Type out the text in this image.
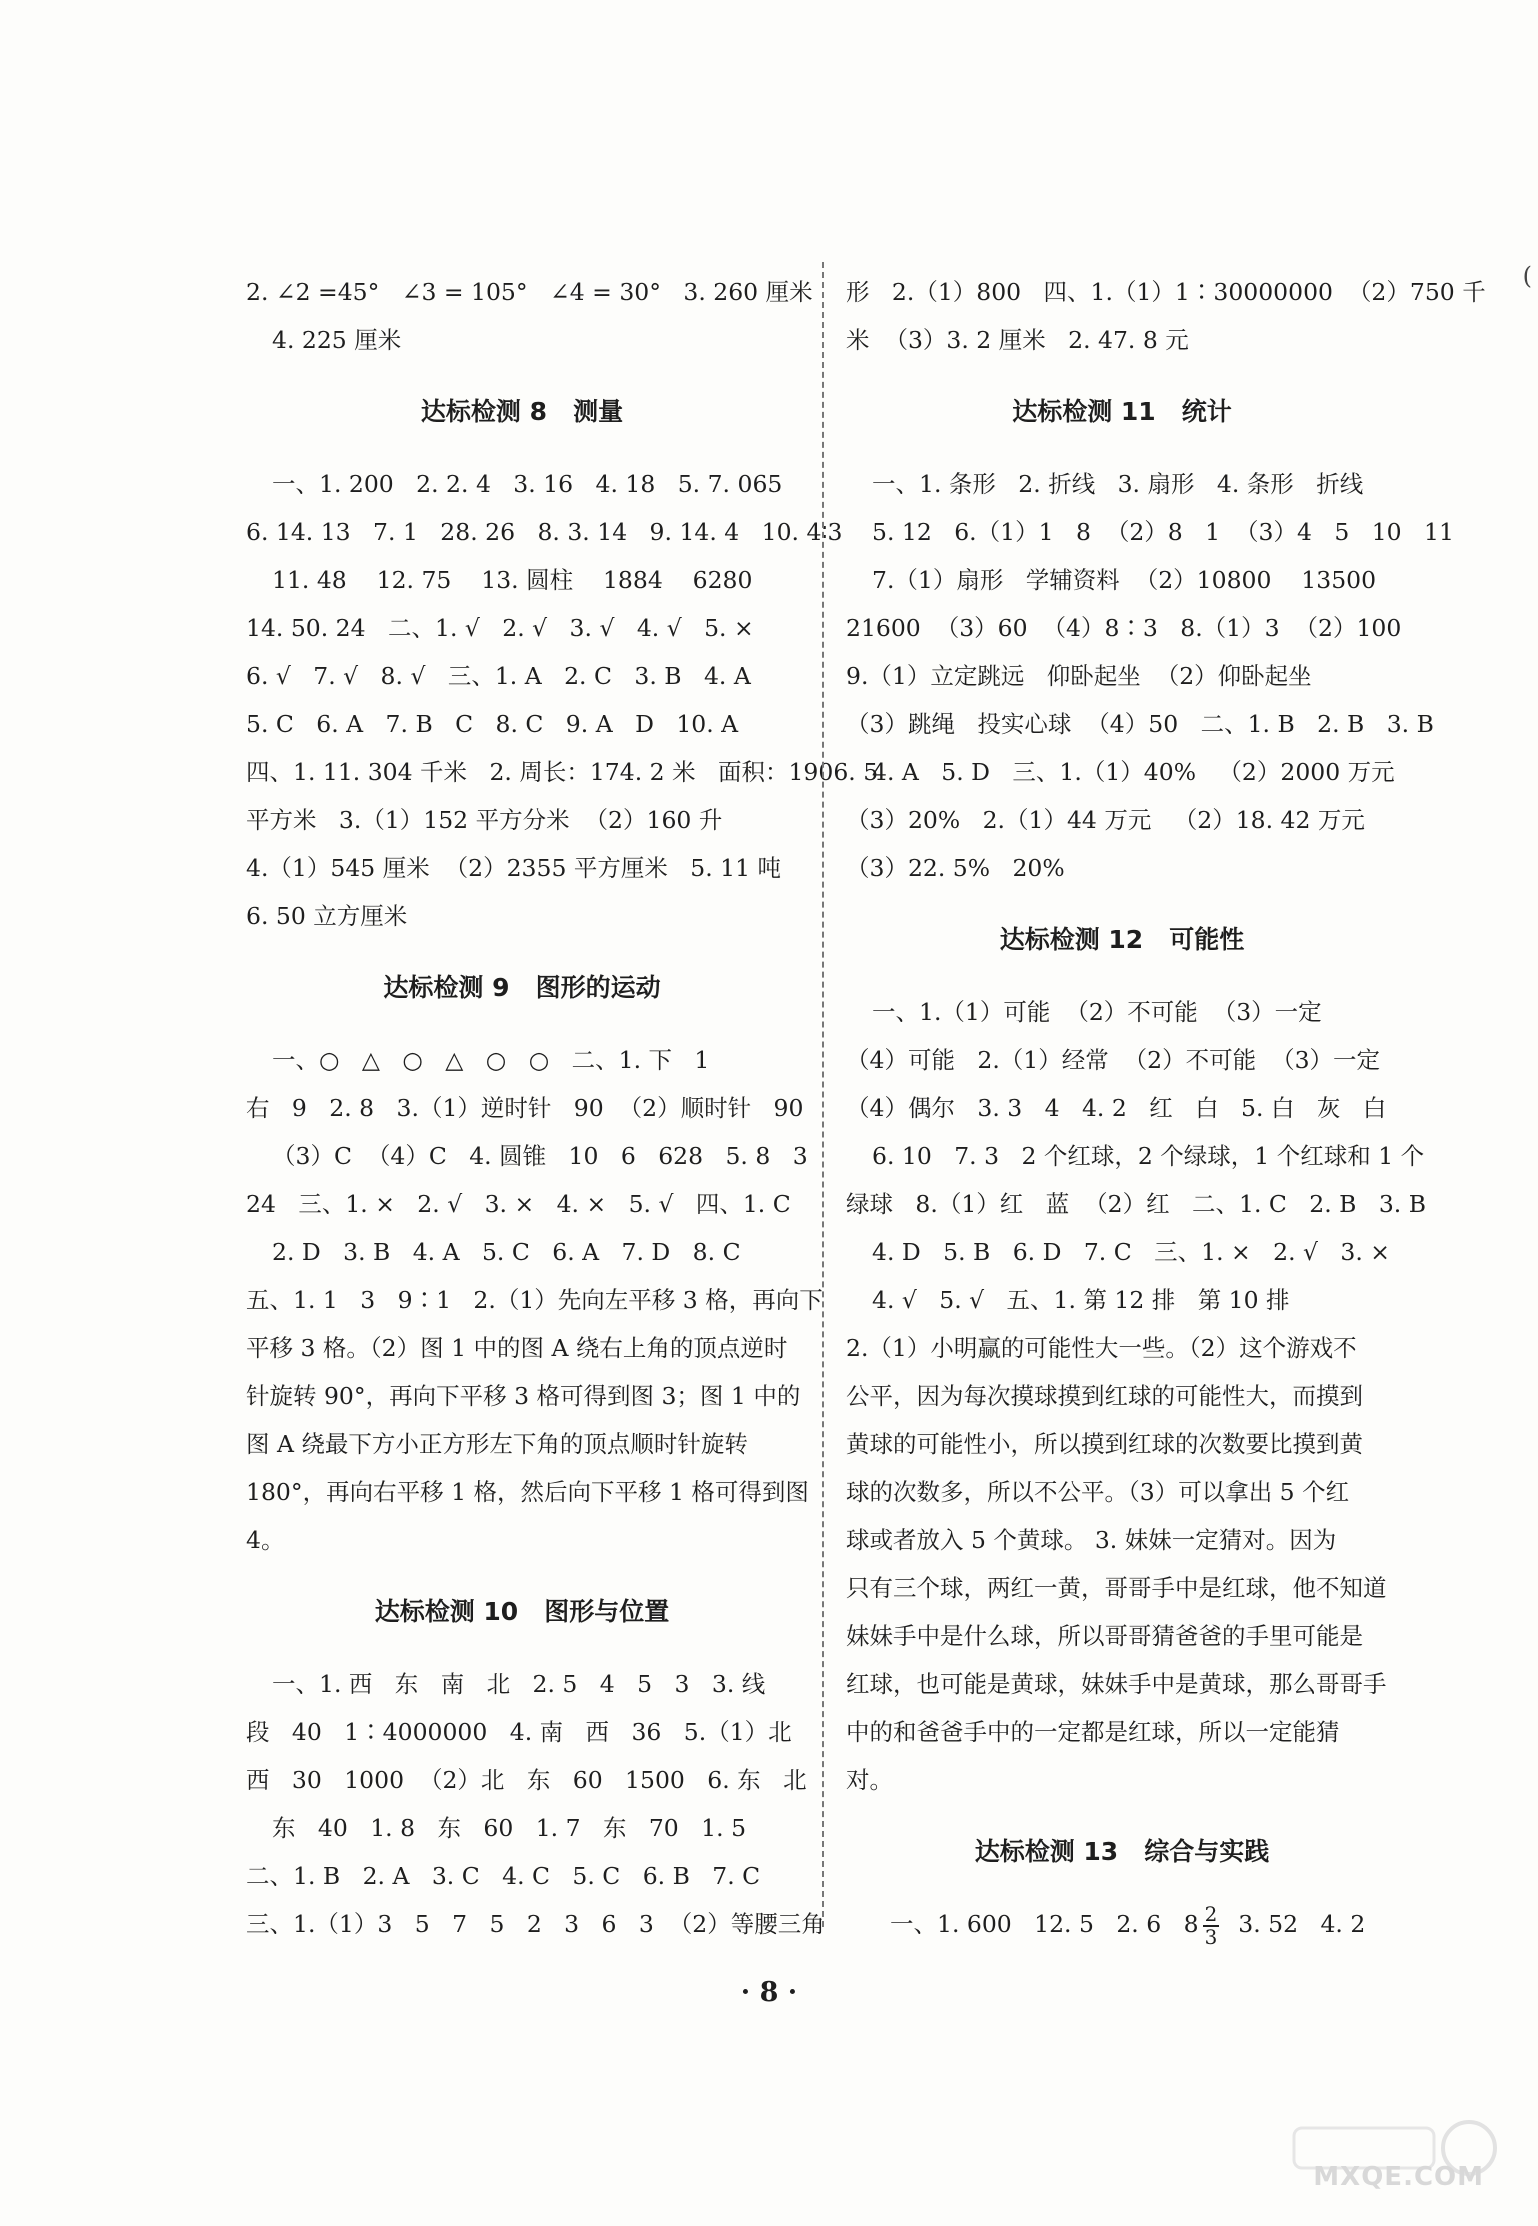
(
2. ∠2 =45°   ∠3 = 105°   ∠4 = 30°   3. 260 厘米
4. 225 厘米
达标检测 8   测量
一、1. 200   2. 2. 4   3. 16   4. 18   5. 7. 065
6. 14. 13   7. 1   28. 26   8. 3. 14   9. 14. 4   10. 4∶3
11. 48    12. 75    13. 圆柱    1884    6280
14. 50. 24   二、1. √   2. √   3. √   4. √   5. ×
6. √   7. √   8. √   三、1. A   2. C   3. B   4. A
5. C   6. A   7. B   C   8. C   9. A   D   10. A
四、1. 11. 304 千米   2. 周长：174. 2 米   面积：1906. 5
平方米   3.（1）152 平方分米  （2）160 升
4.（1）545 厘米  （2）2355 平方厘米   5. 11 吨
6. 50 立方厘米
达标检测 9   图形的运动
一、○   △   ○   △   ○   ○   二、1. 下   1
右   9   2. 8   3.（1）逆时针   90  （2）顺时针   90
（3）C  （4）C   4. 圆锥   10   6   628   5. 8   3
24   三、1. ×   2. √   3. ×   4. ×   5. √   四、1. C
2. D   3. B   4. A   5. C   6. A   7. D   8. C
五、1. 1   3   9∶1   2.（1）先向左平移 3 格，再向下
平移 3 格。（2）图 1 中的图 A 绕右上角的顶点逆时
针旋转 90°，再向下平移 3 格可得到图 3；图 1 中的
图 A 绕最下方小正方形左下角的顶点顺时针旋转
180°，再向右平移 1 格，然后向下平移 1 格可得到图
4。
达标检测 10   图形与位置
一、1. 西   东   南   北   2. 5   4   5   3   3. 线
段   40   1∶4000000   4. 南   西   36   5.（1）北
西   30   1000  （2）北   东   60   1500   6. 东   北
东   40   1. 8   东   60   1. 7   东   70   1. 5
二、1. B   2. A   3. C   4. C   5. C   6. B   7. C
三、1.（1）3   5   7   5   2   3   6   3  （2）等腰三角
形   2.（1）800   四、1.（1）1∶30000000  （2）750 千
米  （3）3. 2 厘米   2. 47. 8 元
达标检测 11   统计
一、1. 条形   2. 折线   3. 扇形   4. 条形   折线
5. 12   6.（1）1   8  （2）8   1  （3）4   5   10   11
7.（1）扇形   学辅资料  （2）10800    13500
21600  （3）60  （4）8∶3   8.（1）3  （2）100
9.（1）立定跳远   仰卧起坐  （2）仰卧起坐
（3）跳绳   投实心球  （4）50   二、1. B   2. B   3. B
4. A   5. D   三、1.（1）40%   （2）2000 万元
（3）20%   2.（1）44 万元   （2）18. 42 万元
（3）22. 5%   20%
达标检测 12   可能性
一、1.（1）可能  （2）不可能  （3）一定
（4）可能   2.（1）经常  （2）不可能  （3）一定
（4）偶尔   3. 3   4   4. 2   红   白   5. 白   灰   白
6. 10   7. 3   2 个红球，2 个绿球，1 个红球和 1 个
绿球   8.（1）红   蓝  （2）红   二、1. C   2. B   3. B
4. D   5. B   6. D   7. C   三、1. ×   2. √   3. ×
4. √   5. √   五、1. 第 12 排   第 10 排
2.（1）小明赢的可能性大一些。（2）这个游戏不
公平，因为每次摸球摸到红球的可能性大，而摸到
黄球的可能性小，所以摸到红球的次数要比摸到黄
球的次数多，所以不公平。（3）可以拿出 5 个红
球或者放入 5 个黄球。 3. 妹妹一定猜对。因为
只有三个球，两红一黄，哥哥手中是红球，他不知道
妹妹手中是什么球，所以哥哥猜爸爸的手里可能是
红球，也可能是黄球，妹妹手中是黄球，那么哥哥手
中的和爸爸手中的一定都是红球，所以一定能猜
对。
达标检测 13   综合与实践
一、1. 600   12. 5   2. 6   $8 \frac{2}{3} 3$. 52   4. 2
· 8 ·
MXQE.COM
